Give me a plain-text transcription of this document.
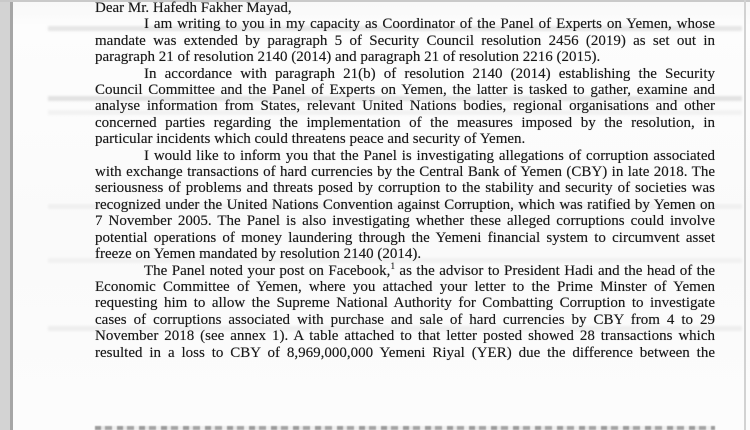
Dear Mr. Hafedh Fakher Mayad,

I am writing to you in my capacity as Coordinator of the Panel of Experts on Yemen, whose mandate was extended by paragraph 5 of Security Council resolution 2456 (2019) as set out in paragraph 21 of resolution 2140 (2014) and paragraph 21 of resolution 2216 (2015).

In accordance with paragraph 21(b) of resolution 2140 (2014) establishing the Security Council Committee and the Panel of Experts on Yemen, the latter is tasked to gather, examine and analyse information from States, relevant United Nations bodies, regional organisations and other concerned parties regarding the implementation of the measures imposed by the resolution, in particular incidents which could threatens peace and security of Yemen.

I would like to inform you that the Panel is investigating allegations of corruption associated with exchange transactions of hard currencies by the Central Bank of Yemen (CBY) in late 2018. The seriousness of problems and threats posed by corruption to the stability and security of societies was recognized under the United Nations Convention against Corruption, which was ratified by Yemen on 7 November 2005. The Panel is also investigating whether these alleged corruptions could involve potential operations of money laundering through the Yemeni financial system to circumvent asset freeze on Yemen mandated by resolution 2140 (2014).

The Panel noted your post on Facebook,$^1$ as the advisor to President Hadi and the head of the Economic Committee of Yemen, where you attached your letter to the Prime Minster of Yemen requesting him to allow the Supreme National Authority for Combatting Corruption to investigate cases of corruptions associated with purchase and sale of hard currencies by CBY from 4 to 29 November 2018 (see annex 1). A table attached to that letter posted showed 28 transactions which resulted in a loss to CBY of 8,969,000,000 Yemeni Riyal (YER) due the difference between the
